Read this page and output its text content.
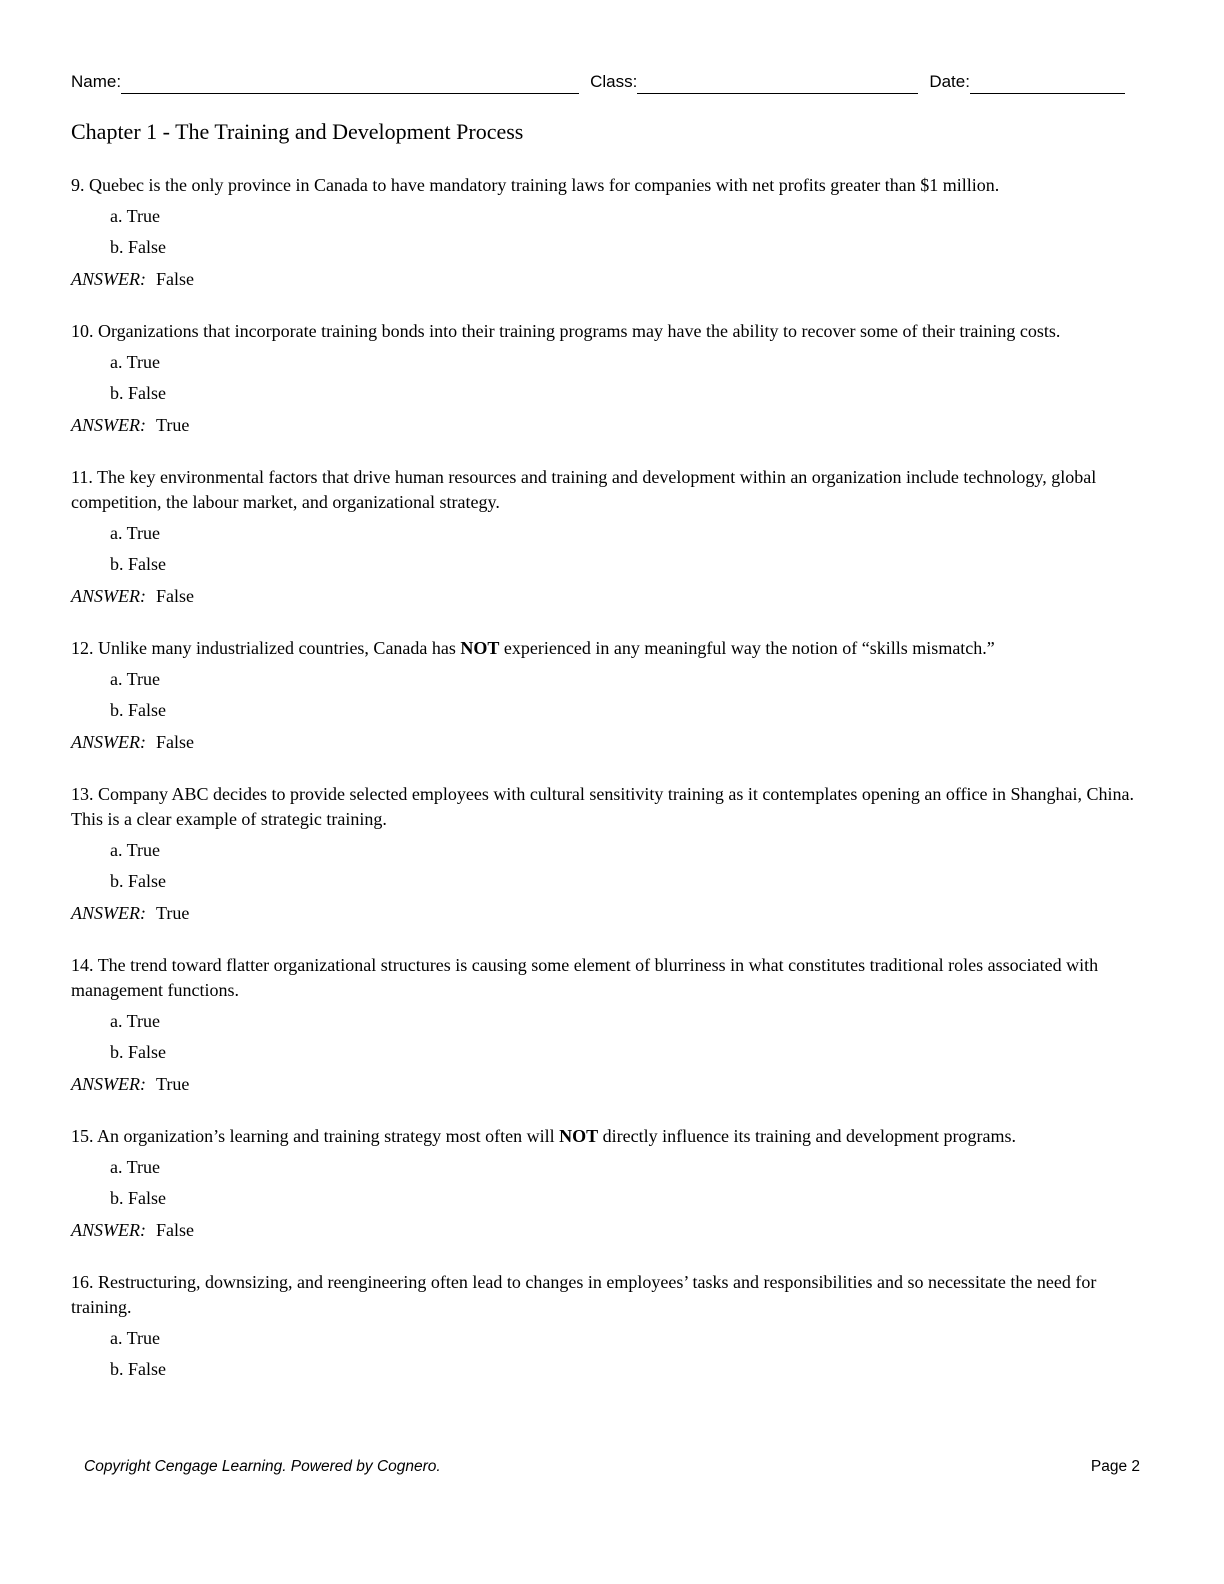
Name:	Class:	Date:
Chapter 1 - The Training and Development Process
9. Quebec is the only province in Canada to have mandatory training laws for companies with net profits greater than $1 million.
a. True
b. False
ANSWER: False
10. Organizations that incorporate training bonds into their training programs may have the ability to recover some of their training costs.
a. True
b. False
ANSWER: True
11. The key environmental factors that drive human resources and training and development within an organization include technology, global competition, the labour market, and organizational strategy.
a. True
b. False
ANSWER: False
12. Unlike many industrialized countries, Canada has NOT experienced in any meaningful way the notion of “skills mismatch.”
a. True
b. False
ANSWER: False
13. Company ABC decides to provide selected employees with cultural sensitivity training as it contemplates opening an office in Shanghai, China. This is a clear example of strategic training.
a. True
b. False
ANSWER: True
14. The trend toward flatter organizational structures is causing some element of blurriness in what constitutes traditional roles associated with management functions.
a. True
b. False
ANSWER: True
15. An organization’s learning and training strategy most often will NOT directly influence its training and development programs.
a. True
b. False
ANSWER: False
16. Restructuring, downsizing, and reengineering often lead to changes in employees’ tasks and responsibilities and so necessitate the need for training.
a. True
b. False
Copyright Cengage Learning. Powered by Cognero.	Page 2
